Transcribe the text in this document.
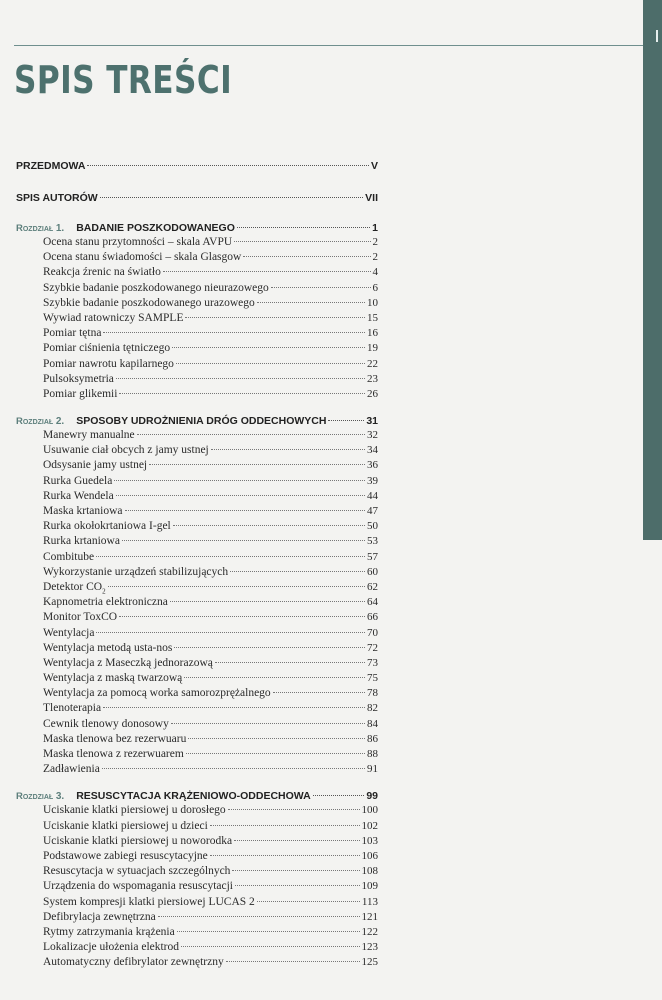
SPIS TREŚCI
PRZEDMOWA	V
SPIS AUTORÓW	VII
Rozdział 1. BADANIE POSZKODOWANEGO	1
Ocena stanu przytomności – skala AVPU	2
Ocena stanu świadomości – skala Glasgow	2
Reakcja źrenic na światło	4
Szybkie badanie poszkodowanego nieurazowego	6
Szybkie badanie poszkodowanego urazowego	10
Wywiad ratowniczy SAMPLE	15
Pomiar tętna	16
Pomiar ciśnienia tętniczego	19
Pomiar nawrotu kapilarnego	22
Pulsoksymetria	23
Pomiar glikemii	26
Rozdział 2. SPOSOBY UDROŻNIENIA DRÓG ODDECHOWYCH	31
Manewry manualne	32
Usuwanie ciał obcych z jamy ustnej	34
Odsysanie jamy ustnej	36
Rurka Guedela	39
Rurka Wendela	44
Maska krtaniowa	47
Rurka okołokrtaniowa I-gel	50
Rurka krtaniowa	53
Combitube	57
Wykorzystanie urządzeń stabilizujących	60
Detektor $CO_2$	62
Kapnometria elektroniczna	64
Monitor ToxCO	66
Wentylacja	70
Wentylacja metodą usta-nos	72
Wentylacja z Maseczką jednorazową	73
Wentylacja z maską twarzową	75
Wentylacja za pomocą worka samorozprężalnego	78
Tlenoterapia	82
Cewnik tlenowy donosowy	84
Maska tlenowa bez rezerwuaru	86
Maska tlenowa z rezerwuarem	88
Zadławienia	91
Rozdział 3. RESUSCYTACJA KRĄŻENIOWO-ODDECHOWA	99
Uciskanie klatki piersiowej u dorosłego	100
Uciskanie klatki piersiowej u dzieci	102
Uciskanie klatki piersiowej u noworodka	103
Podstawowe zabiegi resuscytacyjne	106
Resuscytacja w sytuacjach szczególnych	108
Urządzenia do wspomagania resuscytacji	109
System kompresji klatki piersiowej LUCAS 2	113
Defibrylacja zewnętrzna	121
Rytmy zatrzymania krążenia	122
Lokalizacje ułożenia elektrod	123
Automatyczny defibrylator zewnętrzny	125
